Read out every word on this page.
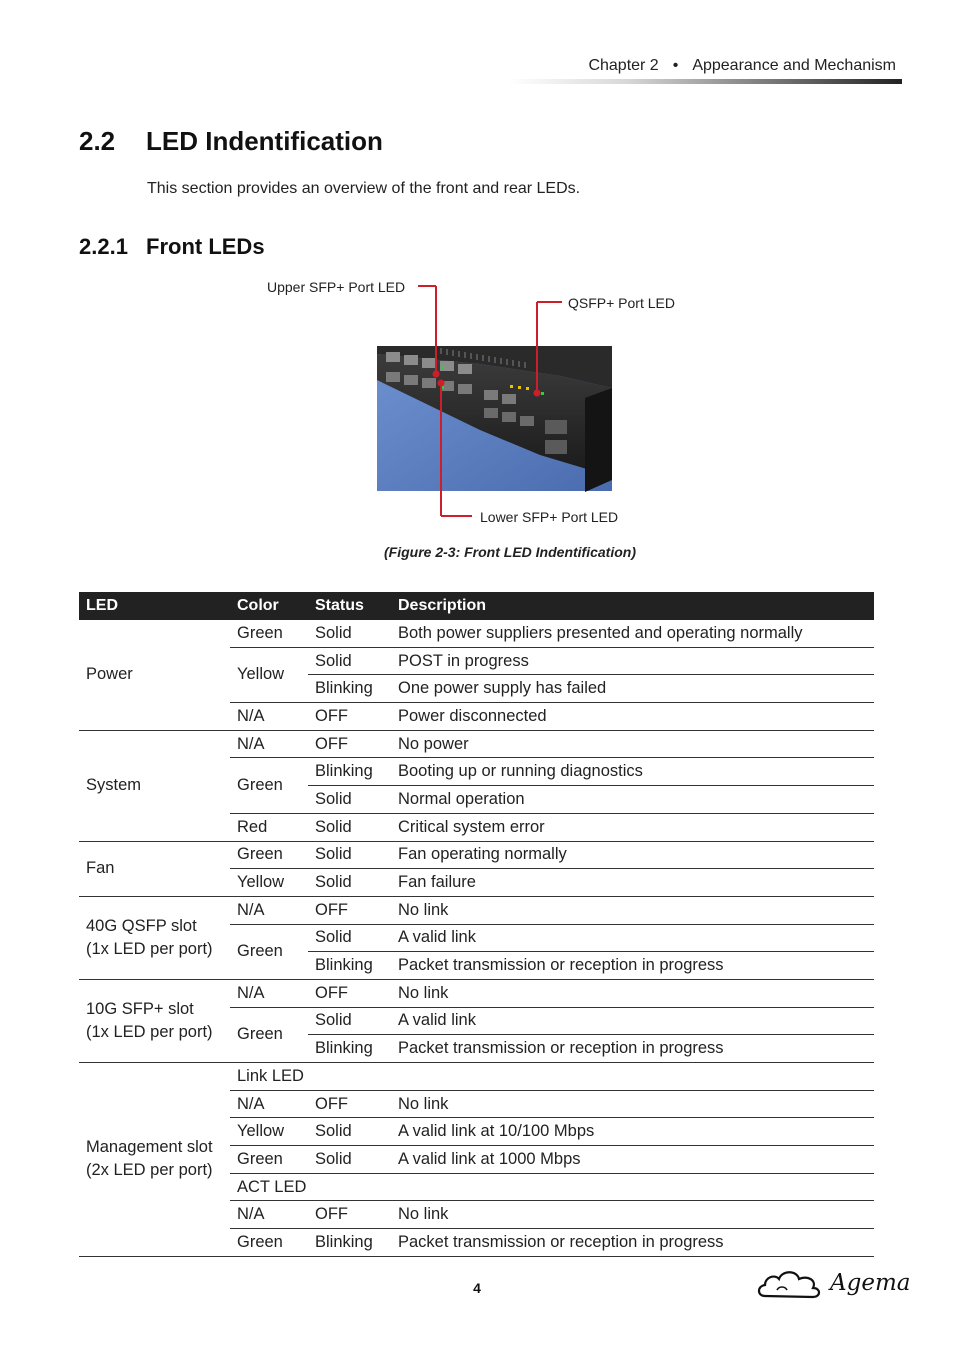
Chapter 2 • Appearance and Mechanism
2.2 LED Indentification

This section provides an overview of the front and rear LEDs.

2.2.1 Front LEDs
Upper SFP+ Port LED
QSFP+ Port LED
Lower SFP+ Port LED
(Figure 2-3: Front LED Indentification)
LED	Color	Status	Description

Power	Green	Solid	Both power suppliers presented and operating normally
	Yellow	Solid	POST in progress
		Blinking	One power supply has failed
	N/A	OFF	Power disconnected

System	N/A	OFF	No power
	Green	Blinking	Booting up or running diagnostics
		Solid	Normal operation
	Red	Solid	Critical system error

Fan	Green	Solid	Fan operating normally
	Yellow	Solid	Fan failure

40G QSFP slot
(1x LED per port)	N/A	OFF	No link
	Green	Solid	A valid link
		Blinking	Packet transmission or reception in progress

10G SFP+ slot
(1x LED per port)	N/A	OFF	No link
	Green	Solid	A valid link
		Blinking	Packet transmission or reception in progress

Management slot
(2x LED per port)	Link LED		
	N/A	OFF	No link
	Yellow	Solid	A valid link at 10/100 Mbps
	Green	Solid	A valid link at 1000 Mbps
	ACT LED		
	N/A	OFF	No link
	Green	Blinking	Packet transmission or reception in progress
4	Agema
